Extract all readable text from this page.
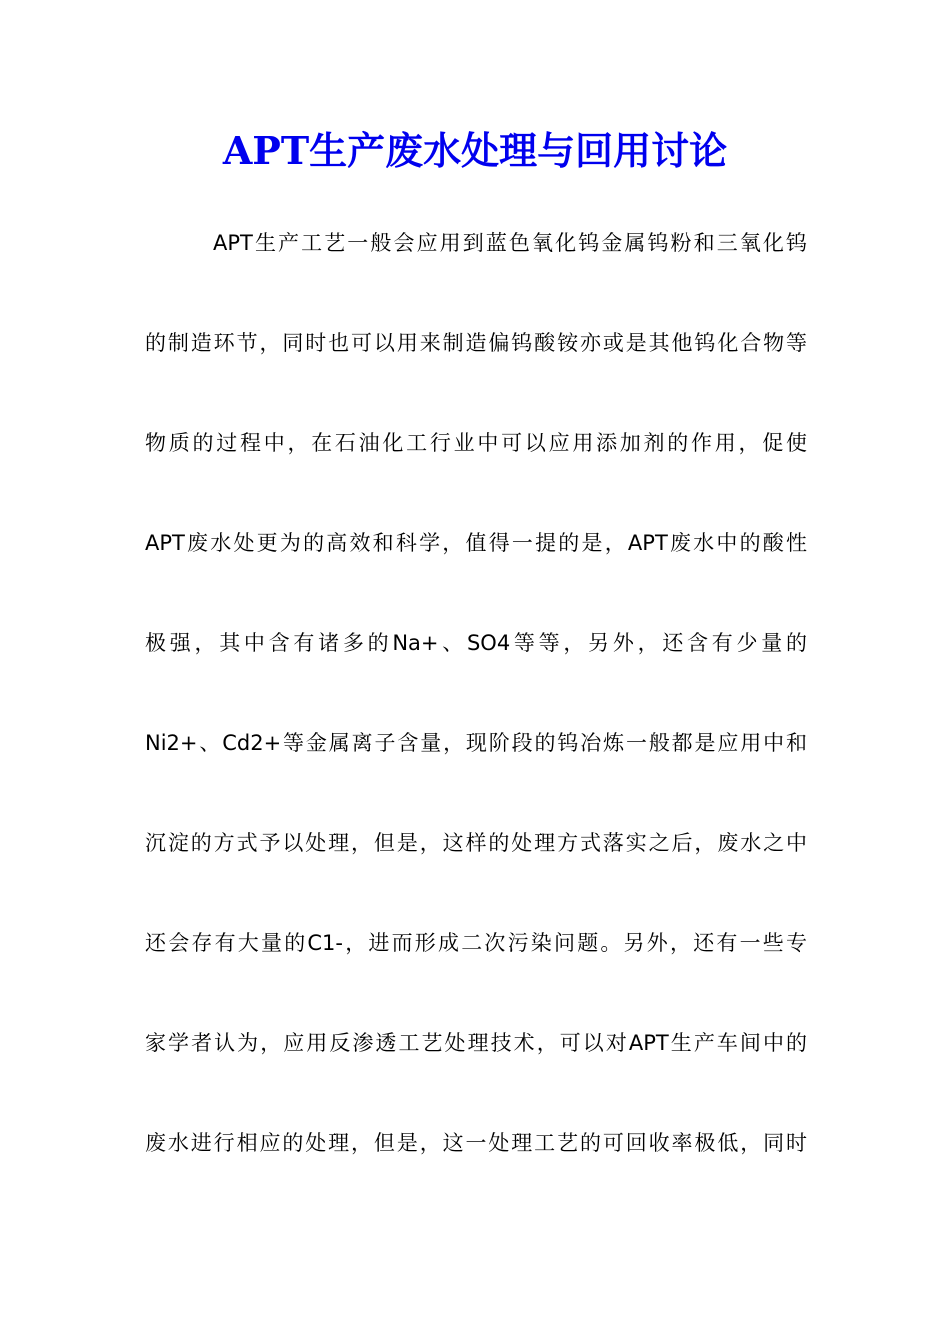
APT生产废水处理与回用讨论
APT生产工艺一般会应用到蓝色氧化钨金属钨粉和三氧化钨
的制造环节，同时也可以用来制造偏钨酸铵亦或是其他钨化合物等
物质的过程中，在石油化工行业中可以应用添加剂的作用，促使
APT废水处更为的高效和科学，值得一提的是，APT废水中的酸性
极强，其中含有诸多的Na+、SO4等等，另外，还含有少量的
Ni2+、Cd2+等金属离子含量，现阶段的钨冶炼一般都是应用中和
沉淀的方式予以处理，但是，这样的处理方式落实之后，废水之中
还会存有大量的C1-，进而形成二次污染问题。另外，还有一些专
家学者认为，应用反渗透工艺处理技术，可以对APT生产车间中的
废水进行相应的处理，但是，这一处理工艺的可回收率极低，同时
